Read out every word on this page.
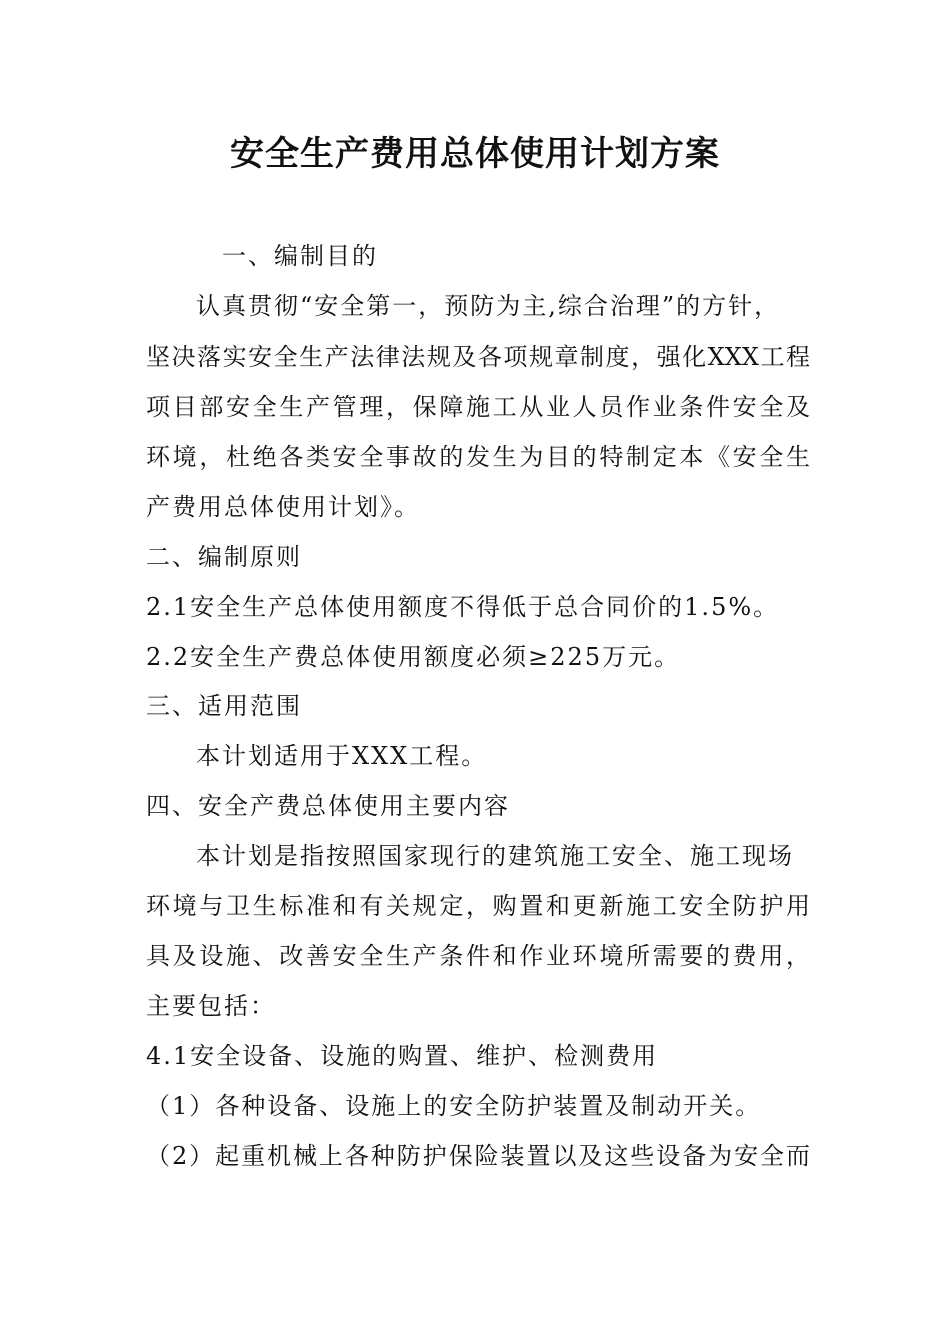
安全生产费用总体使用计划方案
一、编制目的
认真贯彻“安全第一，预防为主,综合治理”的方针，
坚决落实安全生产法律法规及各项规章制度，强化XXX工程
项目部安全生产管理，保障施工从业人员作业条件安全及
环境，杜绝各类安全事故的发生为目的特制定本《安全生
产费用总体使用计划》。
二、编制原则
2.1安全生产总体使用额度不得低于总合同价的1.5%。
2.2安全生产费总体使用额度必须≥225万元。
三、适用范围
本计划适用于XXX工程。
四、安全产费总体使用主要内容
本计划是指按照国家现行的建筑施工安全、施工现场
环境与卫生标准和有关规定，购置和更新施工安全防护用
具及设施、改善安全生产条件和作业环境所需要的费用，
主要包括：
4.1安全设备、设施的购置、维护、检测费用
（1）各种设备、设施上的安全防护装置及制动开关。
（2）起重机械上各种防护保险装置以及这些设备为安全而
